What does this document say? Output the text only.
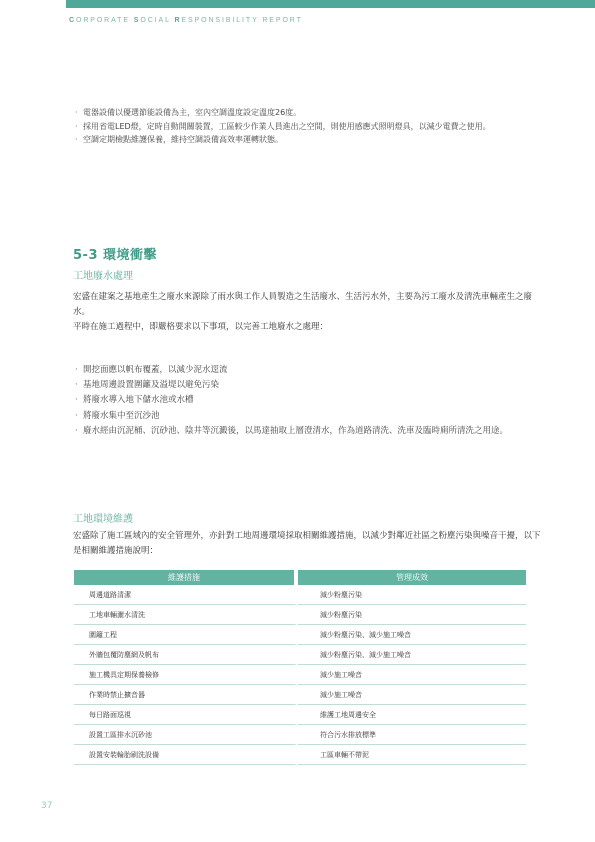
CORPORATE SOCIAL RESPONSIBILITY REPORT
· 電器設備以優選節能設備為主，室內空調溫度設定溫度26度。
· 採用省電LED燈，定時自動開關裝置，工區較少作業人員進出之空間，則使用感應式照明燈具，以減少電費之使用。
· 空調定期檢點維護保養，維持空調設備高效率運轉狀態。
5-3 環境衝擊
工地廢水處理
宏盛在建案之基地產生之廢水來源除了雨水與工作人員製造之生活廢水、生活污水外，主要為污工廢水及清洗車輛產生之廢水。
平時在施工過程中，即嚴格要求以下事項，以完善工地廢水之處理：
· 開挖面應以帆布覆蓋，以減少泥水逕流
· 基地周邊設置圍籬及溢堤以避免污染
· 將廢水導入地下儲水池或水槽
· 將廢水集中至沉沙池
· 廢水經由沉泥桶、沉砂池、陰井等沉澱後，以馬達抽取上層澄清水，作為道路清洗、洗車及臨時廁所清洗之用途。
工地環境維護
宏盛除了施工區域內的安全管理外，亦針對工地周邊環境採取相關維護措施，以減少對鄰近社區之粉塵污染與噪音干擾，以下是相關維護措施說明：
維護措施	管理成效
周邊道路清潔	減少粉塵污染
工地車輛灑水清洗	減少粉塵污染
圍籬工程	減少粉塵污染、減少施工噪音
外牆包覆防塵網及帆布	減少粉塵污染、減少施工噪音
施工機具定期保養檢修	減少施工噪音
作業時禁止擴音器	減少施工噪音
每日路面巡視	維護工地周邊安全
設置工區排水沉砂池	符合污水排放標準
設置安裝輪胎刷洗設備	工區車輛不帶泥
37
